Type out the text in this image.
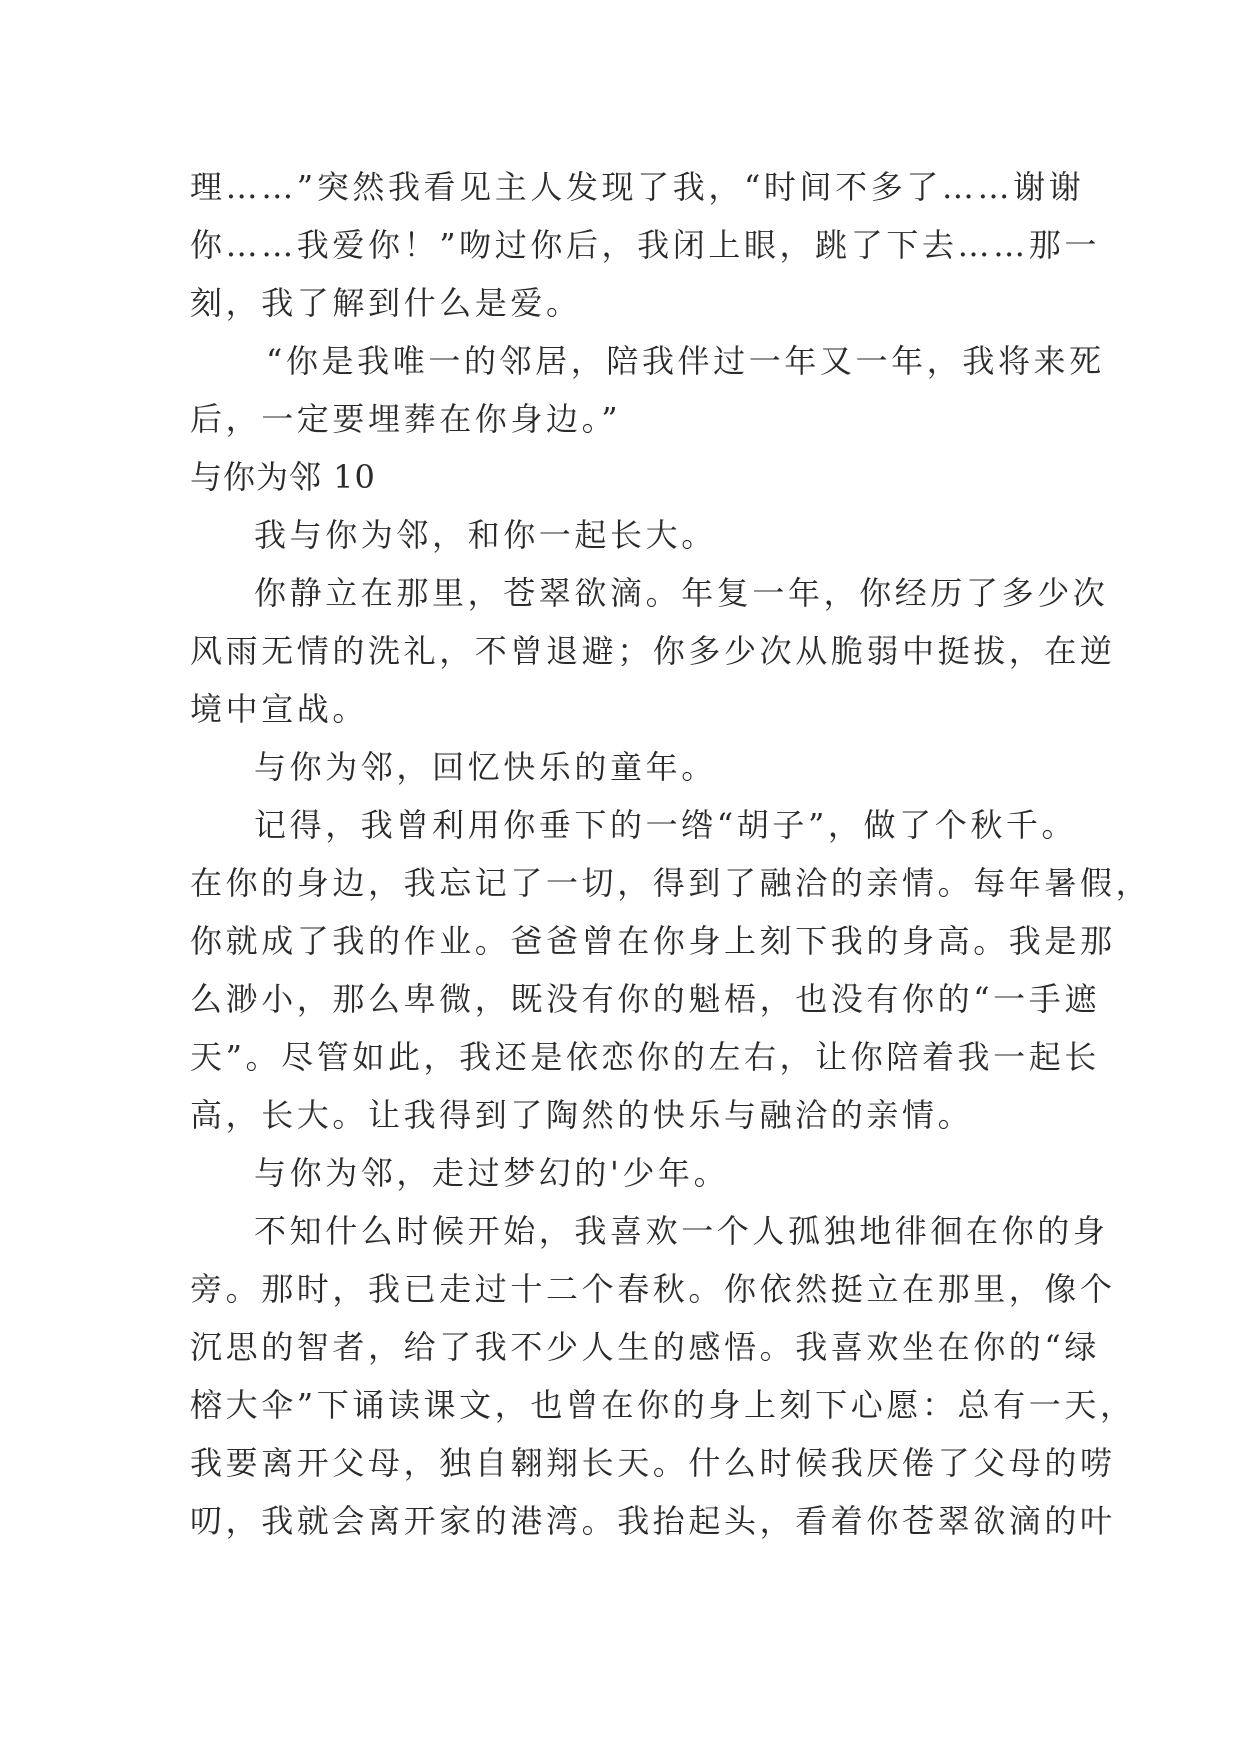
理……”突然我看见主人发现了我，“时间不多了……谢谢
你……我爱你！”吻过你后，我闭上眼，跳了下去……那一
刻，我了解到什么是爱。
“你是我唯一的邻居，陪我伴过一年又一年，我将来死
后，一定要埋葬在你身边。”
与你为邻 10
我与你为邻，和你一起长大。
你静立在那里，苍翠欲滴。年复一年，你经历了多少次
风雨无情的洗礼，不曾退避；你多少次从脆弱中挺拔，在逆
境中宣战。
与你为邻，回忆快乐的童年。
记得，我曾利用你垂下的一绺“胡子”，做了个秋千。
在你的身边，我忘记了一切，得到了融洽的亲情。每年暑假，
你就成了我的作业。爸爸曾在你身上刻下我的身高。我是那
么渺小，那么卑微，既没有你的魁梧，也没有你的“一手遮
天”。尽管如此，我还是依恋你的左右，让你陪着我一起长
高，长大。让我得到了陶然的快乐与融洽的亲情。
与你为邻，走过梦幻的'少年。
不知什么时候开始，我喜欢一个人孤独地徘徊在你的身
旁。那时，我已走过十二个春秋。你依然挺立在那里，像个
沉思的智者，给了我不少人生的感悟。我喜欢坐在你的“绿
榕大伞”下诵读课文，也曾在你的身上刻下心愿：总有一天，
我要离开父母，独自翱翔长天。什么时候我厌倦了父母的唠
叨，我就会离开家的港湾。我抬起头，看着你苍翠欲滴的叶
